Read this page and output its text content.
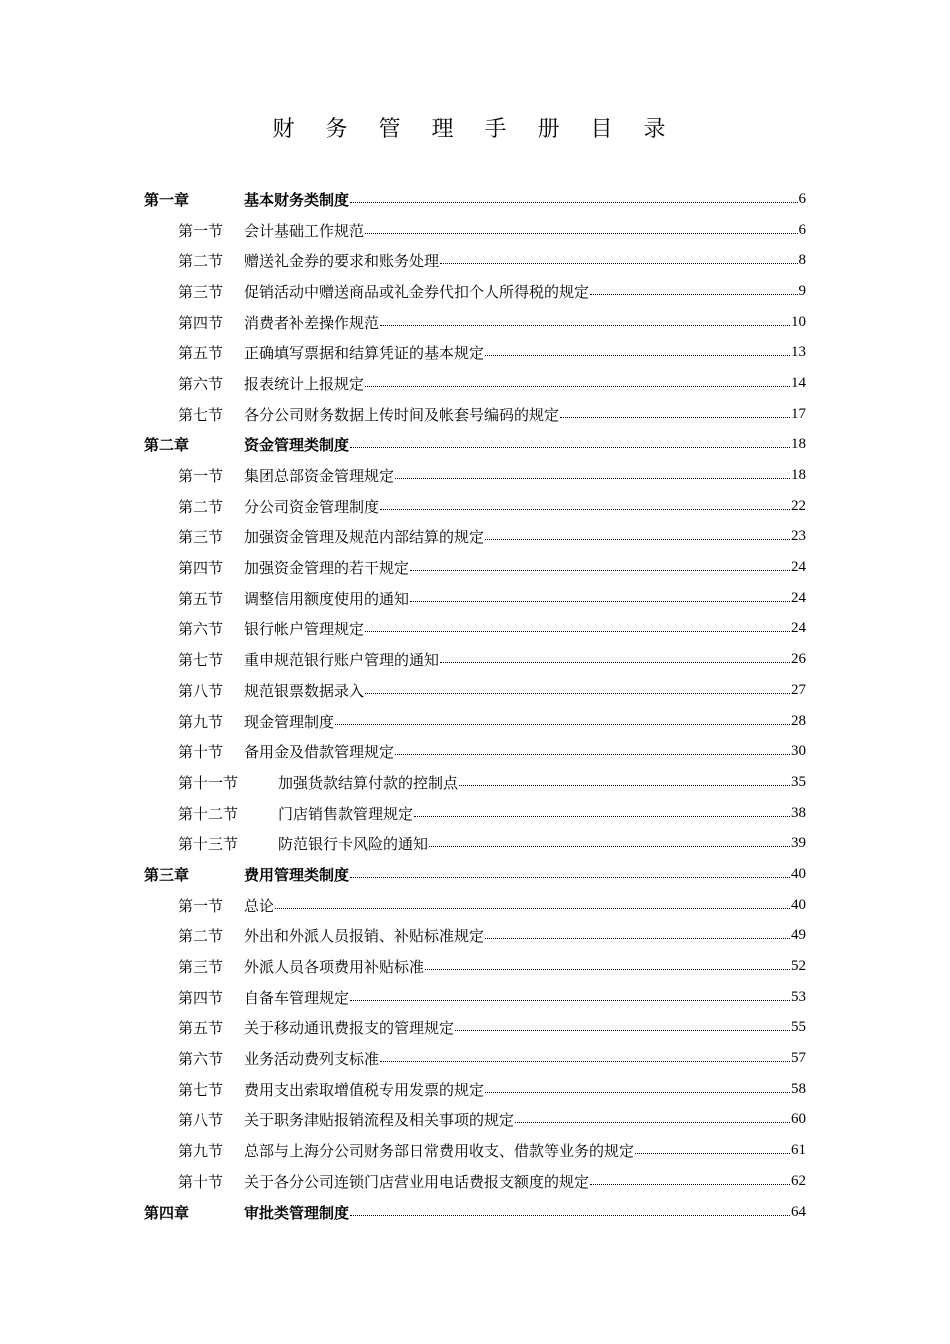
财 务 管 理 手 册 目 录
第一章	基本财务类制度	6
第一节	会计基础工作规范	6
第二节	赠送礼金券的要求和账务处理	8
第三节	促销活动中赠送商品或礼金券代扣个人所得税的规定	9
第四节	消费者补差操作规范	10
第五节	正确填写票据和结算凭证的基本规定	13
第六节	报表统计上报规定	14
第七节	各分公司财务数据上传时间及帐套号编码的规定	17
第二章	资金管理类制度	18
第一节	集团总部资金管理规定	18
第二节	分公司资金管理制度	22
第三节	加强资金管理及规范内部结算的规定	23
第四节	加强资金管理的若干规定	24
第五节	调整信用额度使用的通知	24
第六节	银行帐户管理规定	24
第七节	重申规范银行账户管理的通知	26
第八节	规范银票数据录入	27
第九节	现金管理制度	28
第十节	备用金及借款管理规定	30
第十一节	加强货款结算付款的控制点	35
第十二节	门店销售款管理规定	38
第十三节	防范银行卡风险的通知	39
第三章	费用管理类制度	40
第一节	总论	40
第二节	外出和外派人员报销、补贴标准规定	49
第三节	外派人员各项费用补贴标准	52
第四节	自备车管理规定	53
第五节	关于移动通讯费报支的管理规定	55
第六节	业务活动费列支标准	57
第七节	费用支出索取增值税专用发票的规定	58
第八节	关于职务津贴报销流程及相关事项的规定	60
第九节	总部与上海分公司财务部日常费用收支、借款等业务的规定	61
第十节	关于各分公司连锁门店营业用电话费报支额度的规定	62
第四章	审批类管理制度	64
